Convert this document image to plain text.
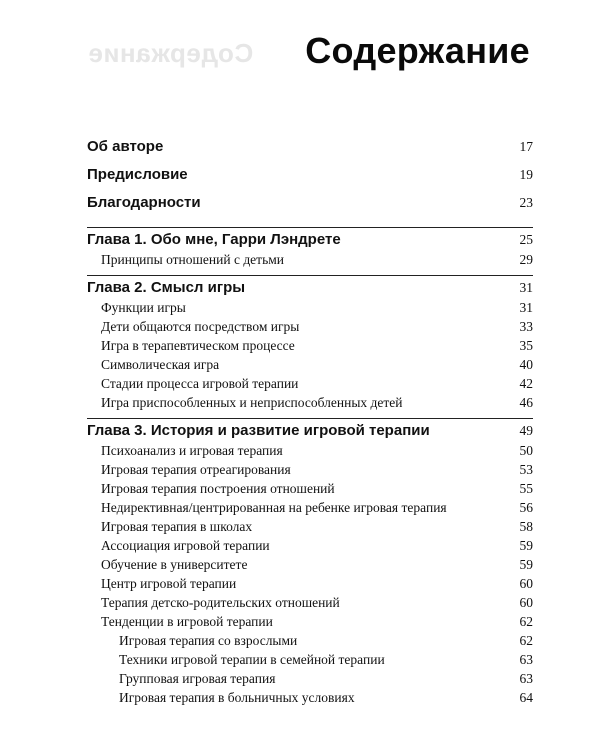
Содержание Содержание
Об авторе	17
Предисловие	19
Благодарности	23
Глава 1. Обо мне, Гарри Лэндрете	25
Принципы отношений с детьми	29
Глава 2. Смысл игры	31
Функции игры	31
Дети общаются посредством игры	33
Игра в терапевтическом процессе	35
Символическая игра	40
Стадии процесса игровой терапии	42
Игра приспособленных и неприспособленных детей	46
Глава 3. История и развитие игровой терапии	49
Психоанализ и игровая терапия	50
Игровая терапия отреагирования	53
Игровая терапия построения отношений	55
Недирективная/центрированная на ребенке игровая терапия	56
Игровая терапия в школах	58
Ассоциация игровой терапии	59
Обучение в университете	59
Центр игровой терапии	60
Терапия детско-родительских отношений	60
Тенденции в игровой терапии	62
Игровая терапия со взрослыми	62
Техники игровой терапии в семейной терапии	63
Групповая игровая терапия	63
Игровая терапия в больничных условиях	64
